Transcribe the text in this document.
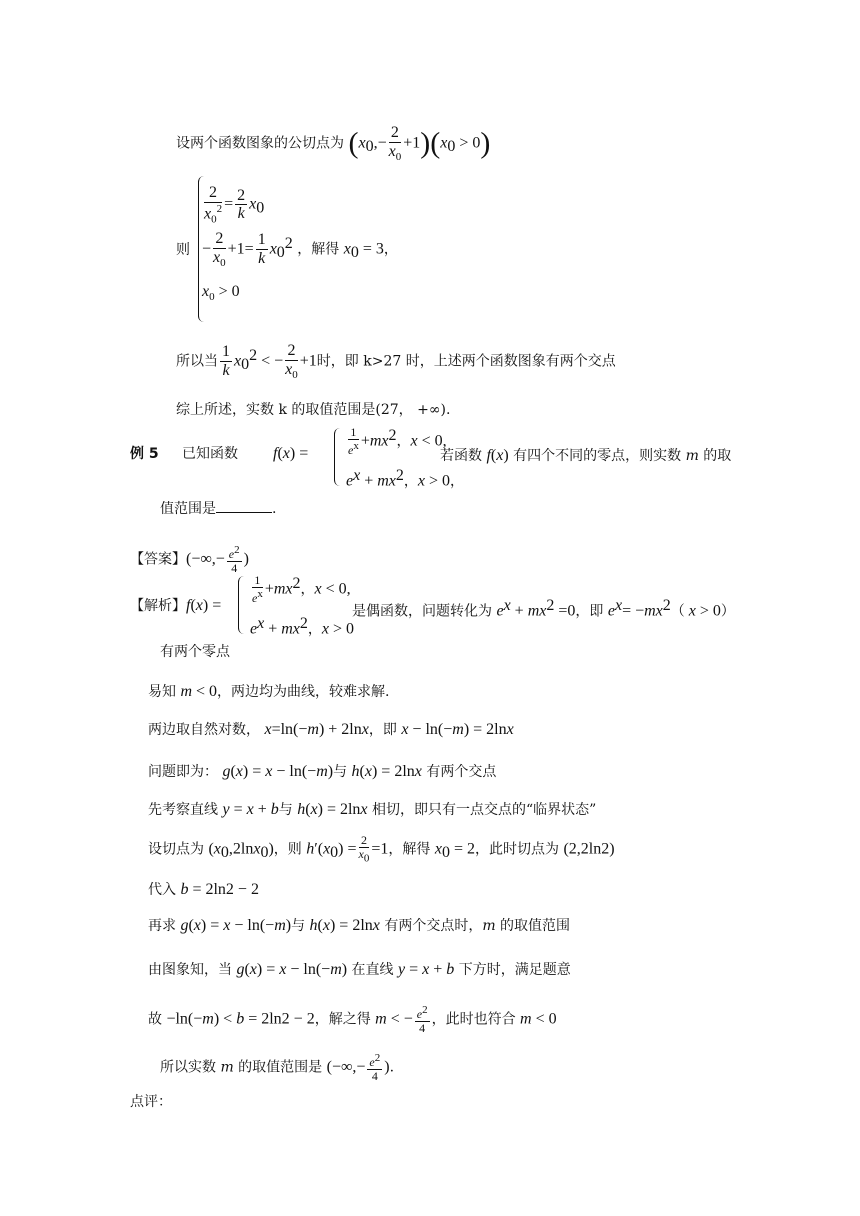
设两个函数图象的公切点为 $(x_0,- \frac{2}{x_0} +1)(x_0 > 0)$
$\frac{2}{x_0^2} = \frac{2}{k} x_0$
则 − $\frac{2}{x_0} +1= \frac{1}{k} x_0^2$ ，解得 $x_0 = 3$，
$x_0 > 0$
所以当 $\frac{1}{k} x_0^2$ < − $\frac{2}{x_0} +1$时，即 k>27 时，上述两个函数图象有两个交点
综上所述，实数 k 的取值范围是(27， +∞).
例 5 已知函数 f(x) =	$\frac{1}{e^x} +mx^2$，x < 0,
$e^x + mx^2$，x > 0，
若函数 f(x) 有四个不同的零点，则实数 m 的取
值范围是	.
【答案】(−∞,− $\frac{e^2}{4}$ )
【解析】f(x) =
$\frac{1}{e^x} +mx^2$，x < 0,
$e^x + mx^2$，x > 0
是偶函数，问题转化为 $e^x + mx^2 =0$，即 $e^x= -mx^2$（ x > 0）
有两个零点
易知 m < 0，两边均为曲线，较难求解.
两边取自然对数， x=ln(−m) + 2lnx，即 x − ln(−m) = 2lnx
问题即为： g(x) = x − ln(−m)与 h(x) = 2lnx 有两个交点
先考察直线 y = x + b与 h(x) = 2lnx 相切，即只有一点交点的“临界状态”
设切点为 $(x_0,2\ln x_0)$，则 $h'(x_0) = \frac{2}{x_0} =1$，解得 $x_0 = 2$，此时切点为 (2,2ln2)
代入 b = 2ln2 − 2
再求 g(x) = x − ln(−m)与 h(x) = 2lnx 有两个交点时，m 的取值范围
由图象知，当 g(x) = x − ln(−m) 在直线 y = x + b 下方时，满足题意
故 −ln(−m) < b = 2ln2 − 2，解之得 m < − $\frac{e^2}{4}$ ，此时也符合 m < 0
所以实数 m 的取值范围是 (−∞,− $\frac{e^2}{4}$ ).
点评：
